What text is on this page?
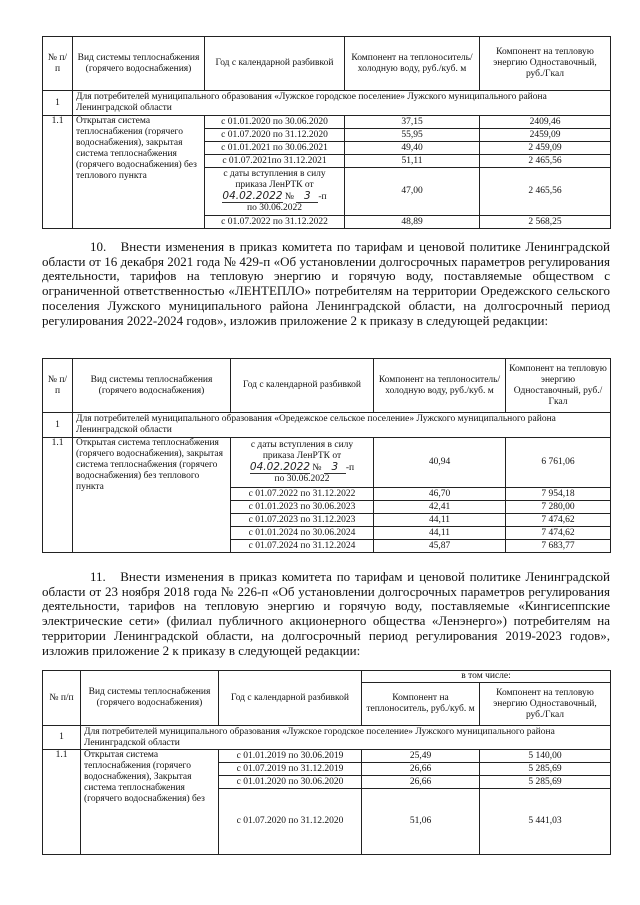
№ п/п	Вид системы теплоснабжения (горячего водоснабжения)	Год с календарной разбивкой	Компонент на теплоноситель/холодную воду, руб./куб. м	Компонент на тепловую энергию Одноставочный, руб./Гкал
1	Для потребителей муниципального образования «Лужское городское поселение» Лужского муниципального района Ленинградской области			
1.1	Открытая система теплоснабжения (горячего водоснабжения), закрытая система теплоснабжения (горячего водоснабжения) без теплового пункта	с 01.01.2020 по 30.06.2020	37,15	2409,46
		с 01.07.2020 по 31.12.2020	55,95	2459,09
		с 01.01.2021 по 30.06.2021	49,40	2 459,09
		с 01.07.2021по 31.12.2021	51,11	2 465,56

		с даты вступления в силу
приказа ЛенРТК от
04.02.2022 № 3 -п
по 30.06.2022	47,00	2 465,56
		с 01.07.2022 по 31.12.2022	48,89	2 568,25

10. Внести изменения в приказ комитета по тарифам и ценовой политике Ленинградской области от 16 декабря 2021 года № 429-п «Об установлении долгосрочных параметров регулирования деятельности, тарифов на тепловую энергию и горячую воду, поставляемые обществом с ограниченной ответственностью «ЛЕНТЕПЛО» потребителям на территории Оредежского сельского поселения Лужского муниципального района Ленинградской области, на долгосрочный период регулирования 2022-2024 годов», изложив приложение 2 к приказу в следующей редакции:

№ п/п	Вид системы теплоснабжения (горячего водоснабжения)	Год с календарной разбивкой	Компонент на теплоноситель/холодную воду, руб./куб. м	Компонент на тепловую энергию Одноставочный, руб./Гкал
1	Для потребителей муниципального образования «Оредежское сельское поселение» Лужского муниципального района Ленинградской области			
1.1	Открытая система теплоснабжения (горячего водоснабжения), закрытая система теплоснабжения (горячего водоснабжения) без теплового пункта	с даты вступления в силу
приказа ЛенРТК от
04.02.2022 № 3 -п
по 30.06.2022	40,94	6 761,06
		с 01.07.2022 по 31.12.2022	46,70	7 954,18
		с 01.01.2023 по 30.06.2023	42,41	7 280,00
		с 01.07.2023 по 31.12.2023	44,11	7 474,62
		с 01.01.2024 по 30.06.2024	44,11	7 474,62
		с 01.07.2024 по 31.12.2024	45,87	7 683,77

11. Внести изменения в приказ комитета по тарифам и ценовой политике Ленинградской области от 23 ноября 2018 года № 226-п «Об установлении долгосрочных параметров регулирования деятельности, тарифов на тепловую энергию и горячую воду, поставляемые «Кингисеппские электрические сети» (филиал публичного акционерного общества «Ленэнерго») потребителям на территории Ленинградской области, на долгосрочный период регулирования 2019-2023 годов», изложив приложение 2 к приказу в следующей редакции:

№ п/п	Вид системы теплоснабжения (горячего водоснабжения)	Год с календарной разбивкой	в том числе:	
			Компонент на теплоноситель, руб./куб. м	Компонент на тепловую энергию Одноставочный, руб./Гкал
1	Для потребителей муниципального образования «Лужское городское поселение» Лужского муниципального района Ленинградской области			
1.1	Открытая система теплоснабжения (горячего водоснабжения), Закрытая система теплоснабжения (горячего водоснабжения) без	с 01.01.2019 по 30.06.2019	25,49	5 140,00
		с 01.07.2019 по 31.12.2019	26,66	5 285,69
		с 01.01.2020 по 30.06.2020	26,66	5 285,69
		с 01.07.2020 по 31.12.2020	51,06	5 441,03
